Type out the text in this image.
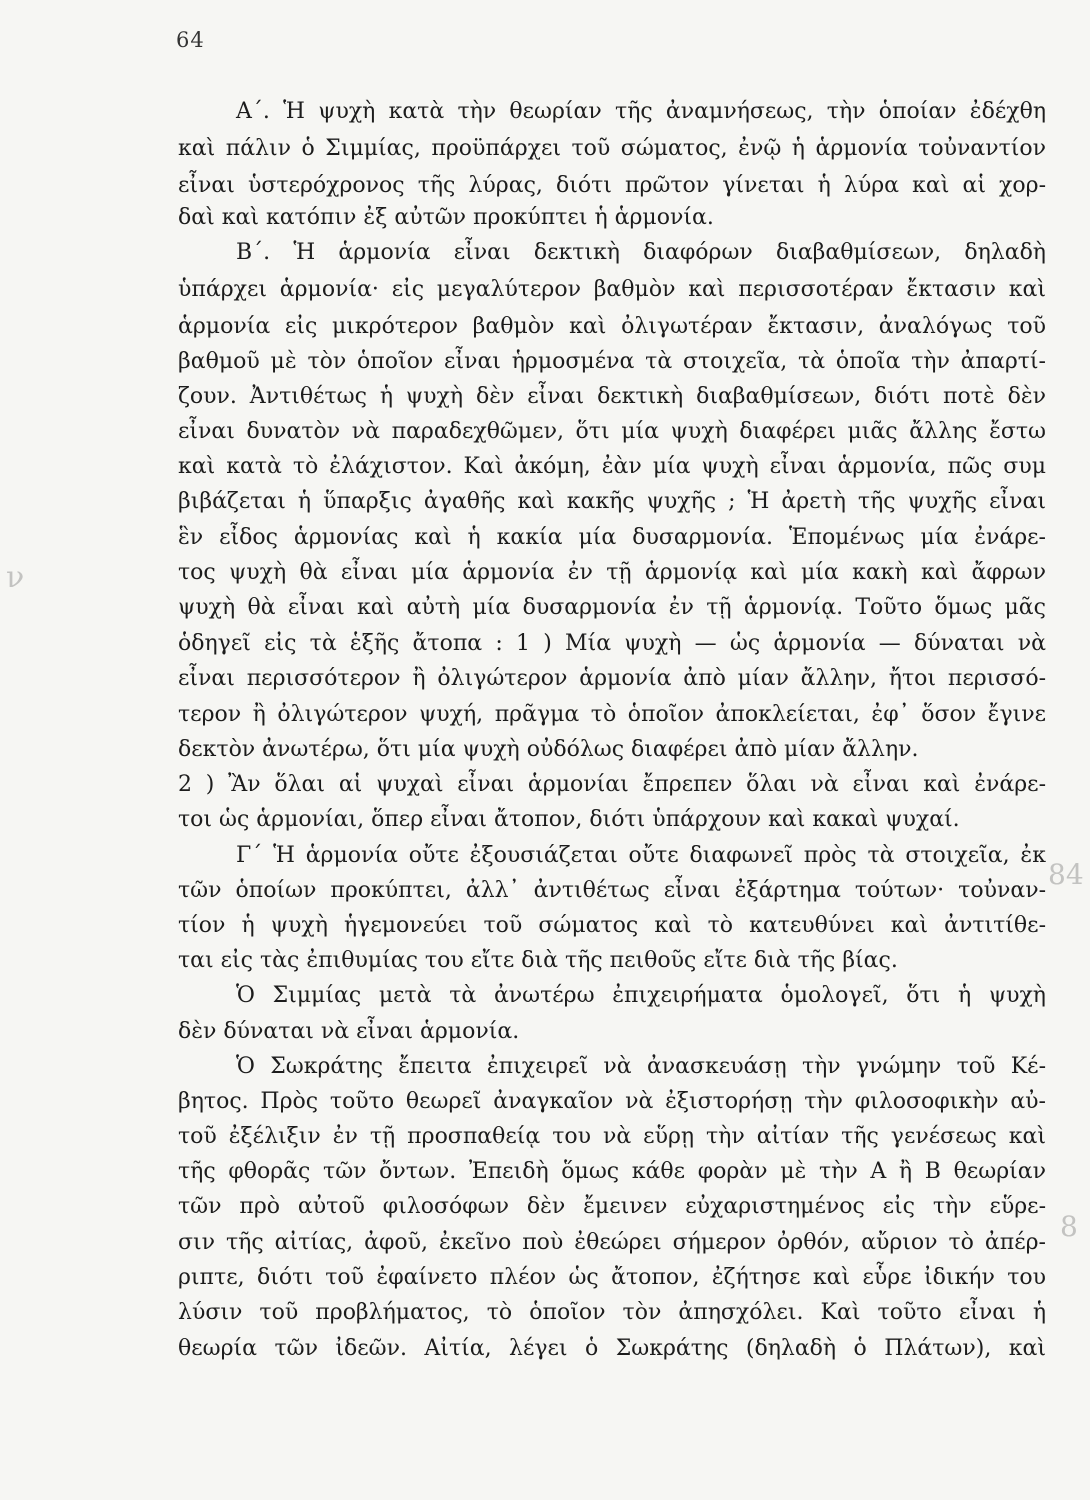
64
ν
84
8
Α΄. Ἡ ψυχὴ κατὰ τὴν θεωρίαν τῆς ἀναμνήσεως, τὴν ὁποίαν ἐδέχθη
καὶ πάλιν ὁ Σιμμίας, προϋπάρχει τοῦ σώματος, ἐνῷ ἡ ἁρμονία τοὐναντίον
εἶναι ὑστερόχρονος τῆς λύρας, διότι πρῶτον γίνεται ἡ λύρα καὶ αἱ χορ-
δαὶ καὶ κατόπιν ἐξ αὐτῶν προκύπτει ἡ ἁρμονία.
Β΄. Ἡ ἁρμονία εἶναι δεκτικὴ διαφόρων διαβαθμίσεων, δηλαδὴ
ὑπάρχει ἁρμονία· εἰς μεγαλύτερον βαθμὸν καὶ περισσοτέραν ἔκτασιν καὶ
ἁρμονία εἰς μικρότερον βαθμὸν καὶ ὀλιγωτέραν ἔκτασιν, ἀναλόγως τοῦ
βαθμοῦ μὲ τὸν ὁποῖον εἶναι ἡρμοσμένα τὰ στοιχεῖα, τὰ ὁποῖα τὴν ἀπαρτί-
ζουν. Ἀντιθέτως ἡ ψυχὴ δὲν εἶναι δεκτικὴ διαβαθμίσεων, διότι ποτὲ δὲν
εἶναι δυνατὸν νὰ παραδεχθῶμεν, ὅτι μία ψυχὴ διαφέρει μιᾶς ἄλλης ἔστω
καὶ κατὰ τὸ ἐλάχιστον. Καὶ ἀκόμη, ἐὰν μία ψυχὴ εἶναι ἁρμονία, πῶς συμ
βιβάζεται ἡ ὕπαρξις ἀγαθῆς καὶ κακῆς ψυχῆς ; Ἡ ἀρετὴ τῆς ψυχῆς εἶναι
ἓν εἶδος ἁρμονίας καὶ ἡ κακία μία δυσαρμονία. Ἑπομένως μία ἐνάρε-
τος ψυχὴ θὰ εἶναι μία ἁρμονία ἐν τῇ ἁρμονίᾳ καὶ μία κακὴ καὶ ἄφρων
ψυχὴ θὰ εἶναι καὶ αὐτὴ μία δυσαρμονία ἐν τῇ ἁρμονίᾳ. Τοῦτο ὅμως μᾶς
ὁδηγεῖ εἰς τὰ ἑξῆς ἄτοπα : 1 ) Μία ψυχὴ — ὡς ἁρμονία — δύναται νὰ
εἶναι περισσότερον ἢ ὀλιγώτερον ἁρμονία ἀπὸ μίαν ἄλλην, ἤτοι περισσό-
τερον ἢ ὀλιγώτερον ψυχή, πρᾶγμα τὸ ὁποῖον ἀποκλείεται, ἐφ᾽ ὅσον ἔγινε
δεκτὸν ἀνωτέρω, ὅτι μία ψυχὴ οὐδόλως διαφέρει ἀπὸ μίαν ἄλλην.
2 ) Ἂν ὅλαι αἱ ψυχαὶ εἶναι ἁρμονίαι ἔπρεπεν ὅλαι νὰ εἶναι καὶ ἐνάρε-
τοι ὡς ἁρμονίαι, ὅπερ εἶναι ἄτοπον, διότι ὑπάρχουν καὶ κακαὶ ψυχαί.
Γ΄ Ἡ ἁρμονία οὔτε ἐξουσιάζεται οὔτε διαφωνεῖ πρὸς τὰ στοιχεῖα, ἐκ
τῶν ὁποίων προκύπτει, ἀλλ᾽ ἀντιθέτως εἶναι ἐξάρτημα τούτων· τοὐναν-
τίον ἡ ψυχὴ ἡγεμονεύει τοῦ σώματος καὶ τὸ κατευθύνει καὶ ἀντιτίθε-
ται εἰς τὰς ἐπιθυμίας του εἴτε διὰ τῆς πειθοῦς εἴτε διὰ τῆς βίας.
Ὁ Σιμμίας μετὰ τὰ ἀνωτέρω ἐπιχειρήματα ὁμολογεῖ, ὅτι ἡ ψυχὴ
δὲν δύναται νὰ εἶναι ἁρμονία.
Ὁ Σωκράτης ἔπειτα ἐπιχειρεῖ νὰ ἀνασκευάσῃ τὴν γνώμην τοῦ Κέ-
βητος. Πρὸς τοῦτο θεωρεῖ ἀναγκαῖον νὰ ἐξιστορήσῃ τὴν φιλοσοφικὴν αὐ-
τοῦ ἐξέλιξιν ἐν τῇ προσπαθείᾳ του νὰ εὕρῃ τὴν αἰτίαν τῆς γενέσεως καὶ
τῆς φθορᾶς τῶν ὄντων. Ἐπειδὴ ὅμως κάθε φορὰν μὲ τὴν Α ἢ Β θεωρίαν
τῶν πρὸ αὐτοῦ φιλοσόφων δὲν ἔμεινεν εὐχαριστημένος εἰς τὴν εὕρε-
σιν τῆς αἰτίας, ἀφοῦ, ἐκεῖνο ποὺ ἐθεώρει σήμερον ὀρθόν, αὔριον τὸ ἀπέρ-
ριπτε, διότι τοῦ ἐφαίνετο πλέον ὡς ἄτοπον, ἐζήτησε καὶ εὗρε ἰδικήν του
λύσιν τοῦ προβλήματος, τὸ ὁποῖον τὸν ἀπησχόλει. Καὶ τοῦτο εἶναι ἡ
θεωρία τῶν ἰδεῶν. Αἰτία, λέγει ὁ Σωκράτης (δηλαδὴ ὁ Πλάτων), καὶ
